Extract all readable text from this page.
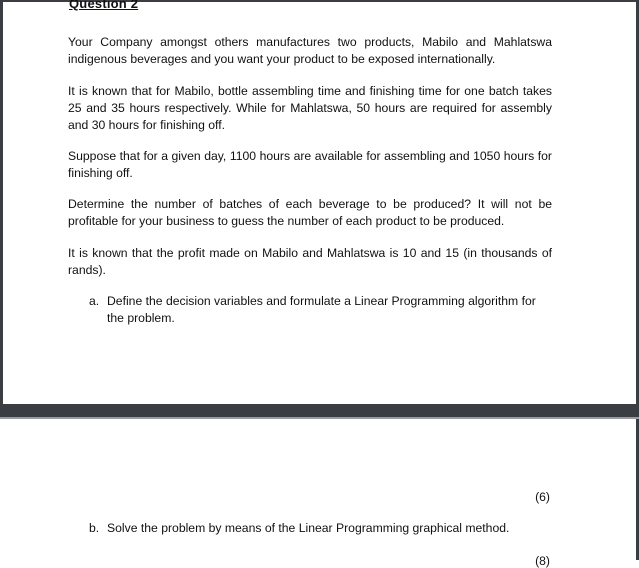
Question 2

Your Company amongst others manufactures two products, Mabilo and Mahlatswa indigenous beverages and you want your product to be exposed internationally.

It is known that for Mabilo, bottle assembling time and finishing time for one batch takes 25 and 35 hours respectively. While for Mahlatswa, 50 hours are required for assembly and 30 hours for finishing off.

Suppose that for a given day, 1100 hours are available for assembling and 1050 hours for finishing off.

Determine the number of batches of each beverage to be produced? It will not be profitable for your business to guess the number of each product to be produced.

It is known that the profit made on Mabilo and Mahlatswa is 10 and 15 (in thousands of rands).

a. Define the decision variables and formulate a Linear Programming algorithm for the problem.
(6)
b. Solve the problem by means of the Linear Programming graphical method.
(8)
